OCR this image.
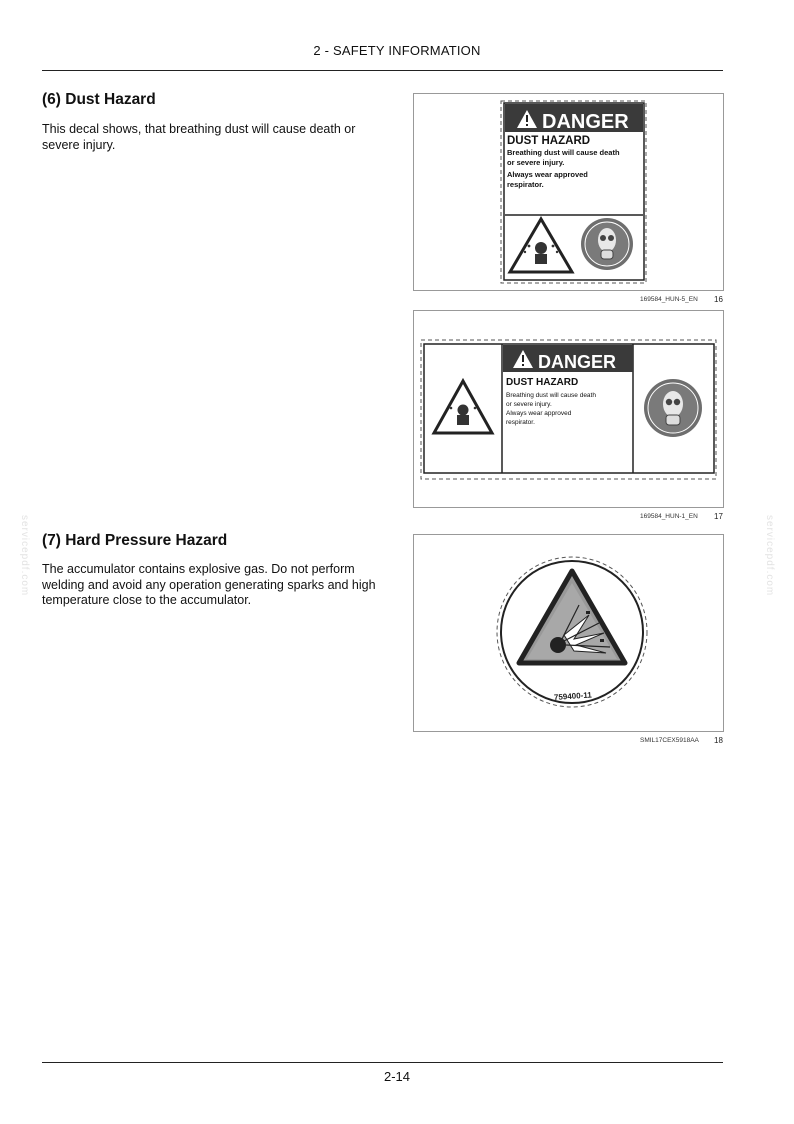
2 - SAFETY INFORMATION
(6) Dust Hazard
This decal shows, that breathing dust will cause death or severe injury.
(7) Hard Pressure Hazard
The accumulator contains explosive gas. Do not perform welding and avoid any operation generating sparks and high temperature close to the accumulator.
servicepdf.com	servicepdf.com
DANGER
DUST HAZARD
Breathing dust will cause death
or severe injury.
Always wear approved
respirator.
. . . . .
169584_HUN-5_EN 16
DANGER
DUST HAZARD
Breathing dust will cause death
or severe injury.
Always wear approved
respirator.
169584_HUN-1_EN 17
759400-11
SMIL17CEX5918AA 18
2-14
